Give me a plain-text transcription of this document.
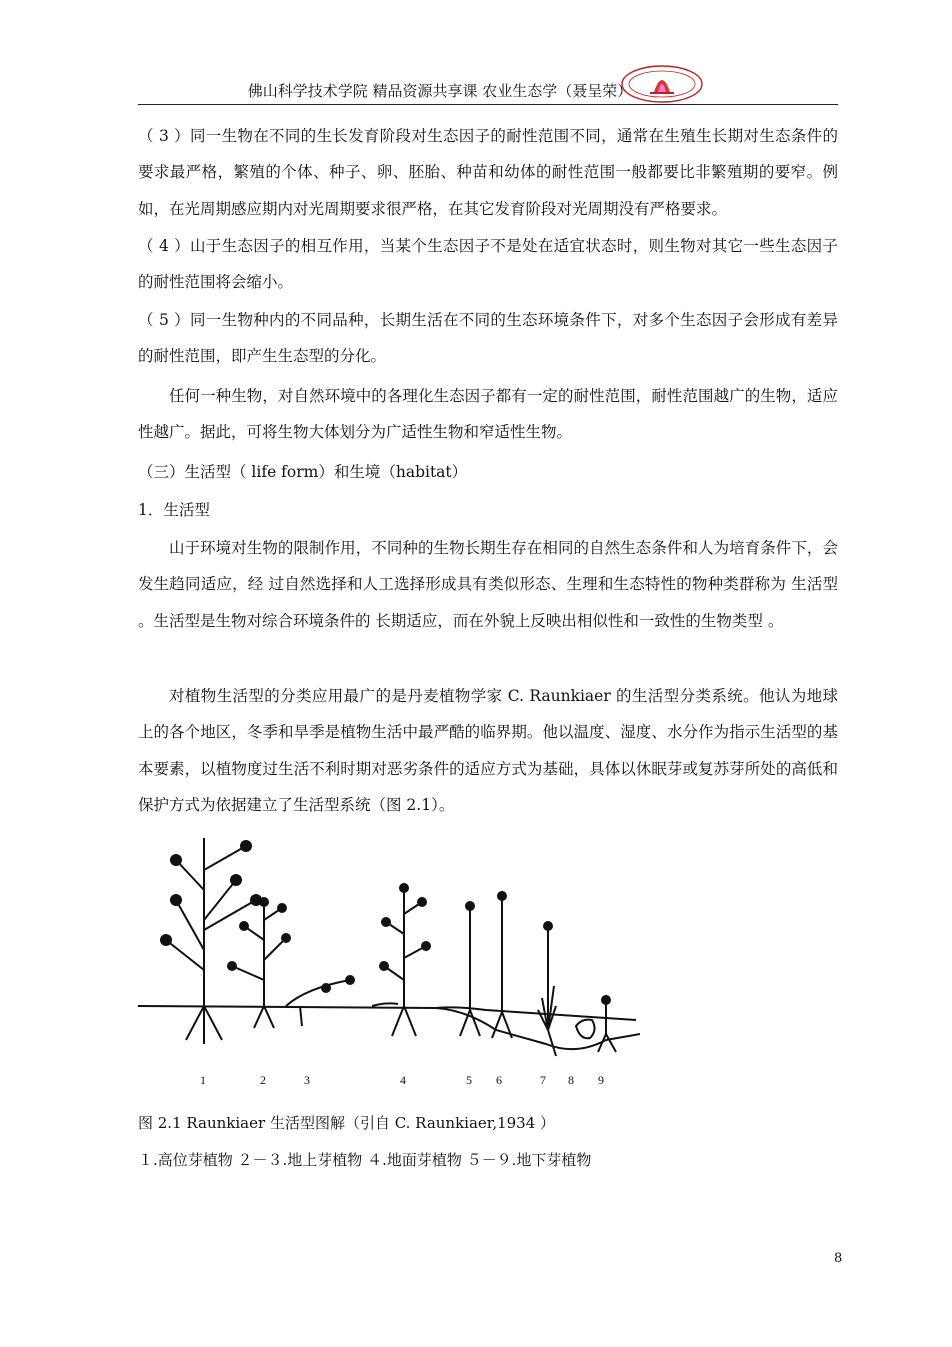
佛山科学技术学院 精品资源共享课 农业生态学（聂呈荣）

（ 3 ）同一生物在不同的生长发育阶段对生态因子的耐性范围不同，通常在生殖生长期对生态条件的要求最严格，繁殖的个体、种子、卵、胚胎、种苗和幼体的耐性范围一般都要比非繁殖期的要窄。例如，在光周期感应期内对光周期要求很严格，在其它发育阶段对光周期没有严格要求。

（ 4 ）山于生态因子的相互作用，当某个生态因子不是处在适宜状态时，则生物对其它一些生态因子的耐性范围将会缩小。

（ 5 ）同一生物种内的不同品种，长期生活在不同的生态环境条件下，对多个生态因子会形成有差异的耐性范围，即产生生态型的分化。

任何一种生物，对自然环境中的各理化生态因子都有一定的耐性范围，耐性范围越广的生物，适应性越广。据此，可将生物大体划分为广适性生物和窄适性生物。

（三）生活型（ life form）和生境（habitat）

1．生活型

山于环境对生物的限制作用，不同种的生物长期生存在相同的自然生态条件和人为培育条件下，会发生趋同适应，经 过自然选择和人工选择形成具有类似形态、生理和生态特性的物种类群称为 生活型 。生活型是生物对综合环境条件的 长期适应，而在外貌上反映出相似性和一致性的生物类型 。

对植物生活型的分类应用最广的是丹麦植物学家 C. Raunkiaer 的生活型分类系统。他认为地球上的各个地区，冬季和旱季是植物生活中最严酷的临界期。他以温度、湿度、水分作为指示生活型的基本要素，以植物度过生活不利时期对恶劣条件的适应方式为基础，具体以休眠芽或复苏芽所处的高低和保护方式为依据建立了生活型系统（图 2.1）。

1	2	3	4	5 6	7 8 9
图 2.1 Raunkiaer 生活型图解（引自 C. Raunkiaer,1934 ）
１.高位芽植物 ２－３.地上芽植物 ４.地面芽植物 ５－９.地下芽植物
8
